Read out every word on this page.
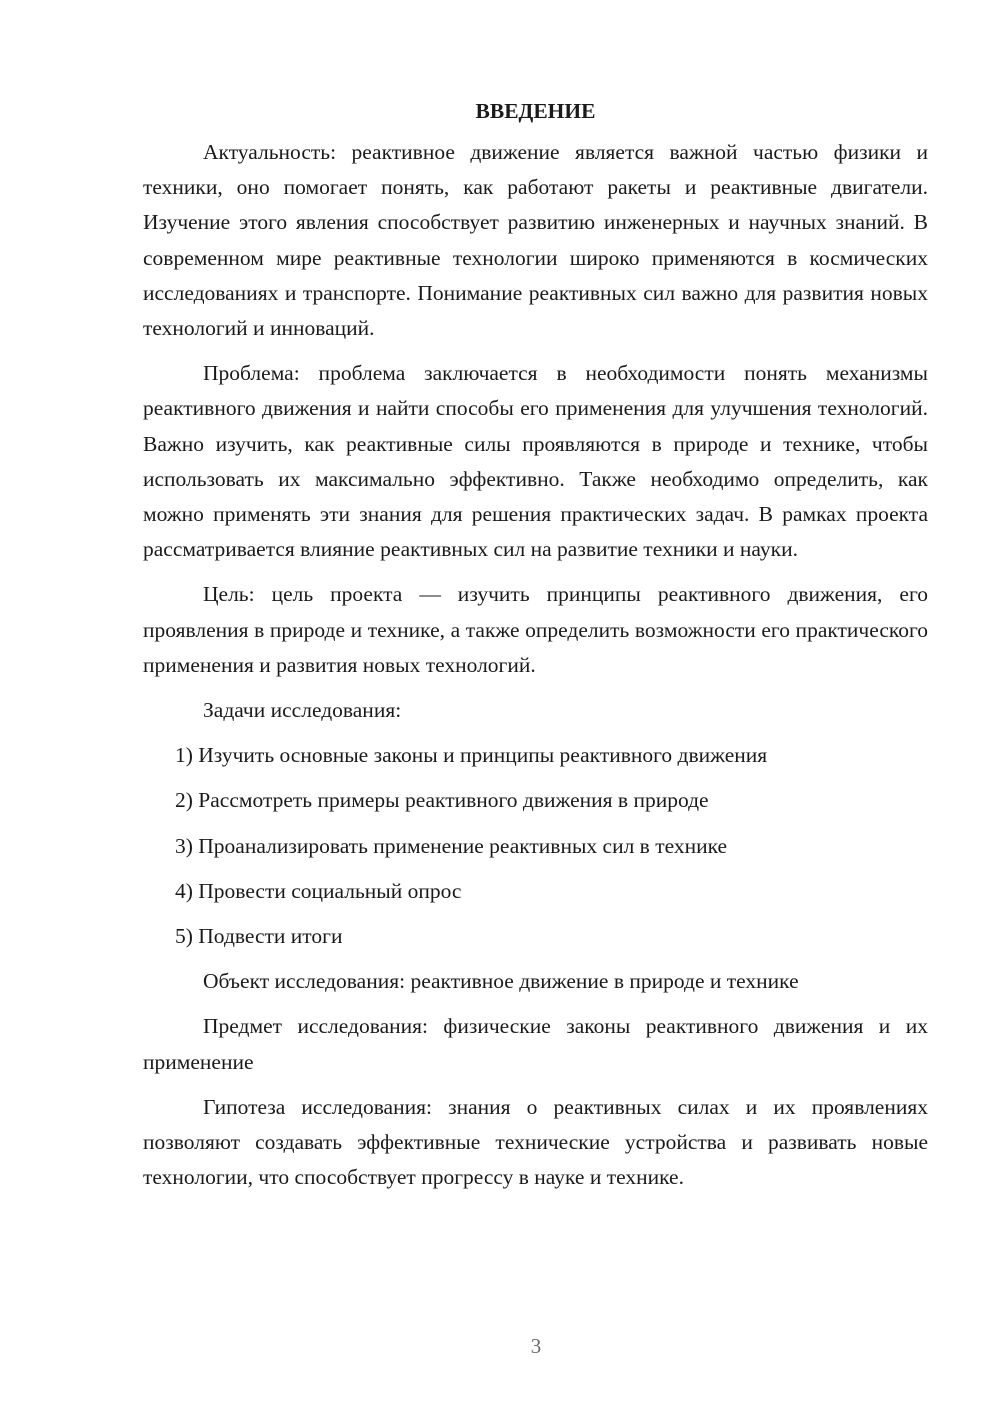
ВВЕДЕНИЕ

Актуальность: реактивное движение является важной частью физики и техники, оно помогает понять, как работают ракеты и реактивные двигатели. Изучение этого явления способствует развитию инженерных и научных знаний. В современном мире реактивные технологии широко применяются в космических исследованиях и транспорте. Понимание реактивных сил важно для развития новых технологий и инноваций.

Проблема: проблема заключается в необходимости понять механизмы реактивного движения и найти способы его применения для улучшения технологий. Важно изучить, как реактивные силы проявляются в природе и технике, чтобы использовать их максимально эффективно. Также необходимо определить, как можно применять эти знания для решения практических задач. В рамках проекта рассматривается влияние реактивных сил на развитие техники и науки.

Цель: цель проекта — изучить принципы реактивного движения, его проявления в природе и технике, а также определить возможности его практического применения и развития новых технологий.

Задачи исследования:

1) Изучить основные законы и принципы реактивного движения
2) Рассмотреть примеры реактивного движения в природе
3) Проанализировать применение реактивных сил в технике
4) Провести социальный опрос
5) Подвести итоги

Объект исследования: реактивное движение в природе и технике

Предмет исследования: физические законы реактивного движения и их применение

Гипотеза исследования: знания о реактивных силах и их проявлениях позволяют создавать эффективные технические устройства и развивать новые технологии, что способствует прогрессу в науке и технике.

3
